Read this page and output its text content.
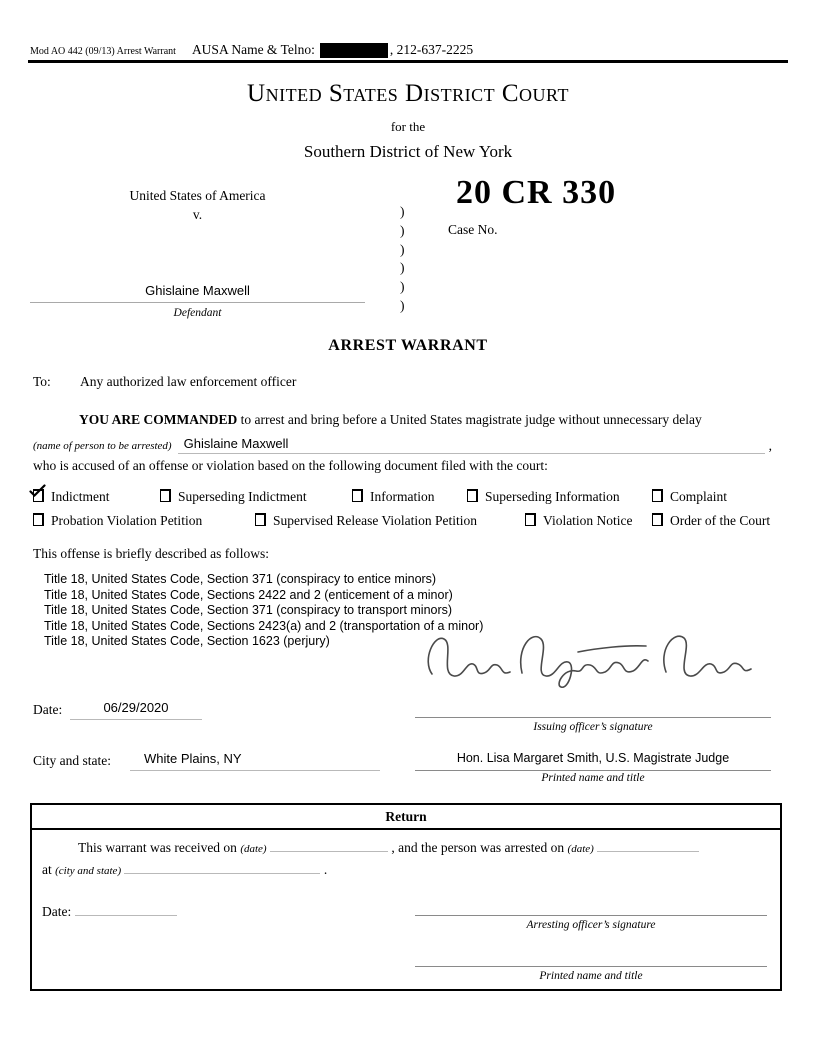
Mod AO 442 (09/13) Arrest Warrant AUSA Name & Telno:	, 212-637-2225
United States District Court
for the
Southern District of New York
United States of America
v.	)
)
)
)
)
)
20 CR 330
Case No.
Ghislaine Maxwell
Defendant
ARREST WARRANT
To: Any authorized law enforcement officer
YOU ARE COMMANDED to arrest and bring before a United States magistrate judge without unnecessary delay
(name of person to be arrested) Ghislaine Maxwell	,
who is accused of an offense or violation based on the following document filed with the court:
Indictment	Superseding Indictment	Information	Superseding Information	Complaint
Probation Violation Petition	Supervised Release Violation Petition	Violation Notice	Order of the Court
This offense is briefly described as follows:
Title 18, United States Code, Section 371 (conspiracy to entice minors)
Title 18, United States Code, Sections 2422 and 2 (enticement of a minor)
Title 18, United States Code, Section 371 (conspiracy to transport minors)
Title 18, United States Code, Sections 2423(a) and 2 (transportation of a minor)
Title 18, United States Code, Section 1623 (perjury)
Date:	06/29/2020
Issuing officer’s signature
City and state:	White Plains, NY	Hon. Lisa Margaret Smith, U.S. Magistrate Judge
Printed name and title
Return
This warrant was received on (date)	, and the person was arrested on (date)
at (city and state)	.
Date:
Arresting officer’s signature
Printed name and title
